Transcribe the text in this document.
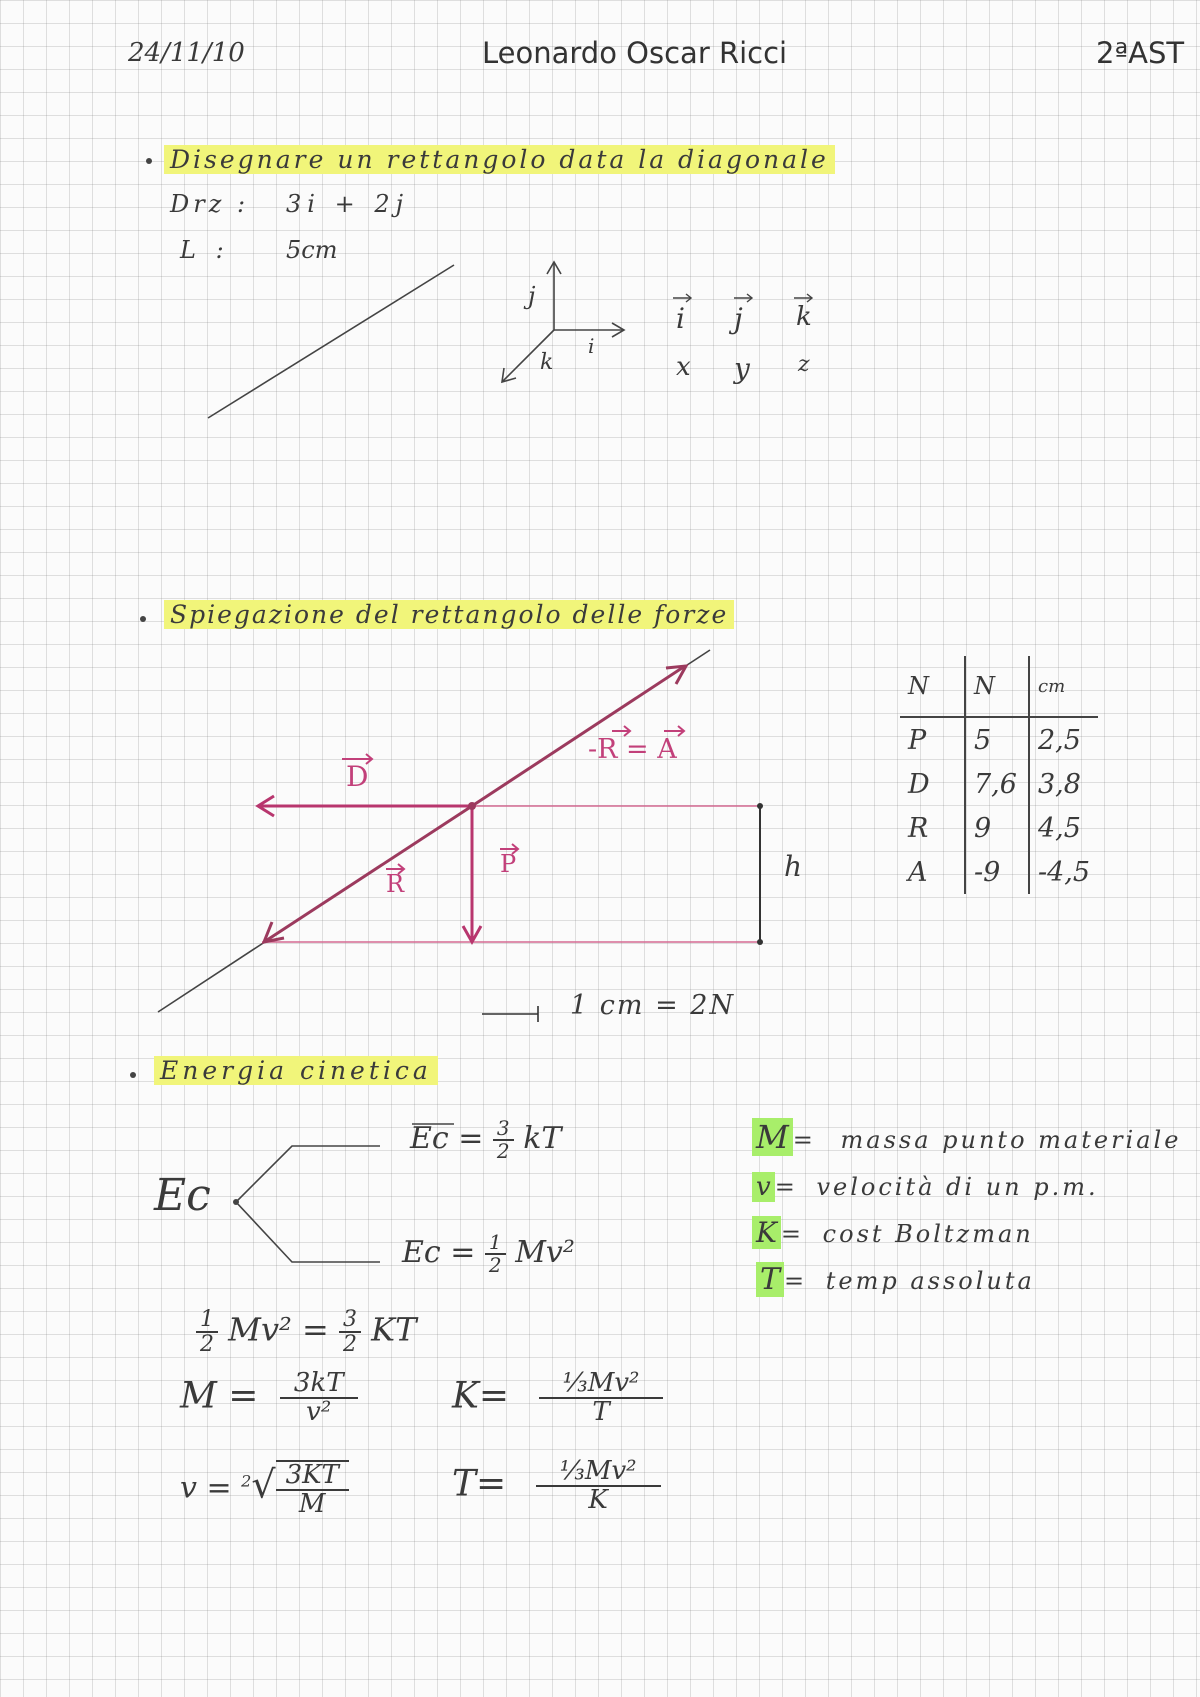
24/11/10	Leonardo Oscar Ricci	2ªAST
Disegnare un rettangolo data la diagonale
Drz : 3i + 2j
L : 5cm
j
i
k
i j k
x y z
Spiegazione del rettangolo delle forze
D
-R = A
R
P	h
1 cm = 2N
N	N	cm
P	5	2,5
D	7,6	3,8
R	9	4,5
A	-9	-4,5
Energia cinetica
Ec
$Ec = \frac{3}{2}$ kT
$Ec = \frac{1}{2} Mv^2$
$\frac{1}{2} Mv^2 = \frac{3}{2}$ KT
$M = \frac{3kT}{\text{v²}}$	$K= \frac{\text{⅓Mv²}}{T}$
$v = ^2√ \frac{3KT}{M}$	$T= \frac{\text{⅓Mv²}}{K}$
M = massa punto materiale
v = velocità di un p.m.
K = cost Boltzman
T = temp assoluta
